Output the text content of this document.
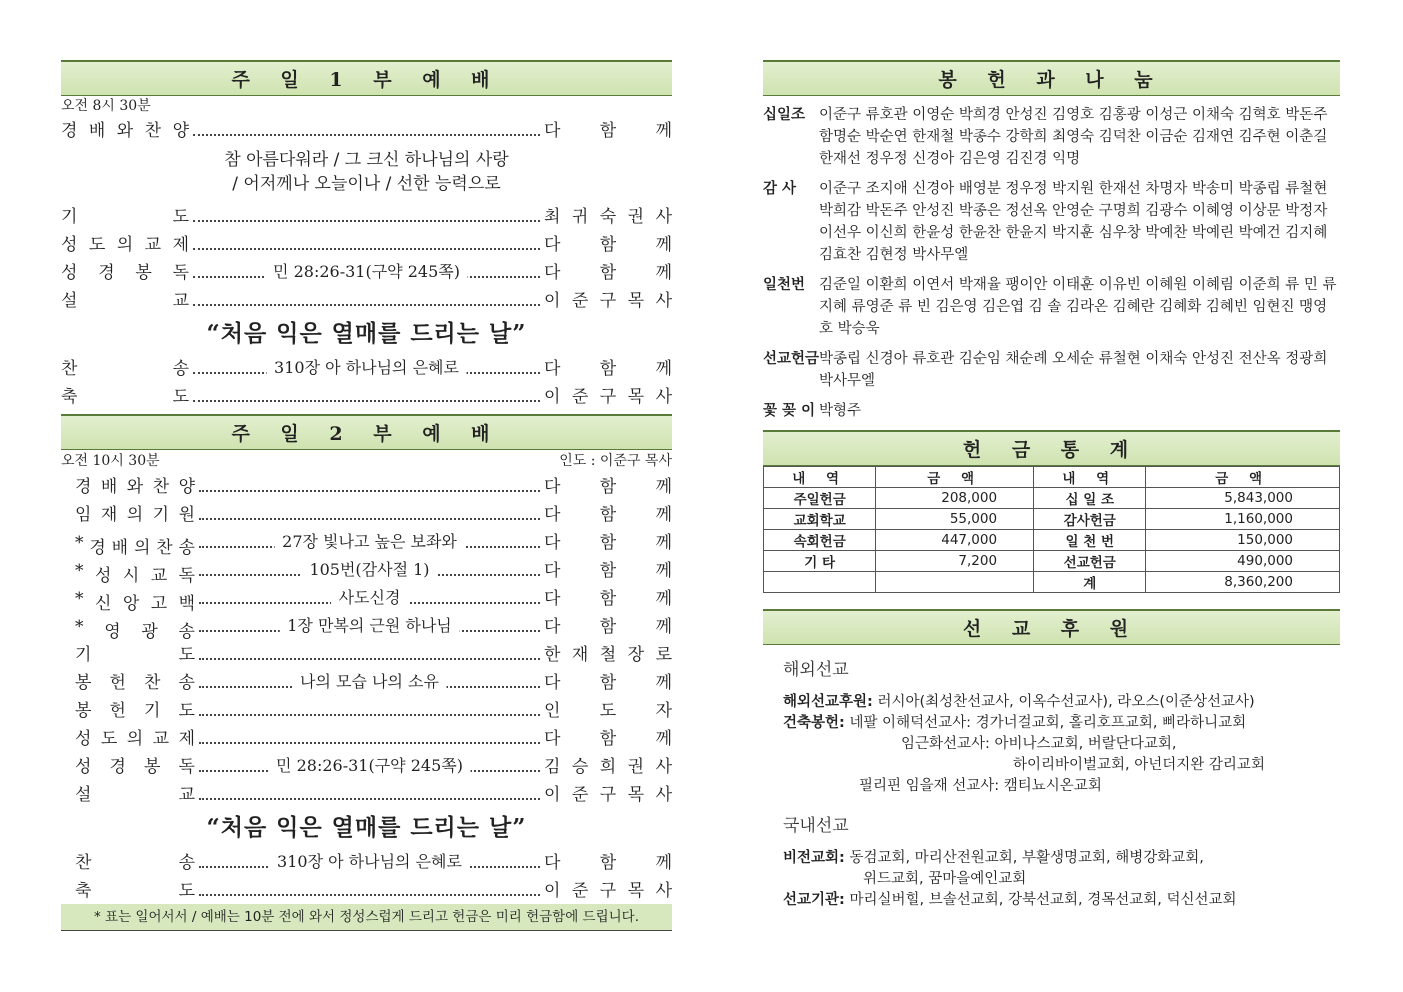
주 일 1 부 예 배
오전 8시 30분
경 배 와 찬 양	다 함 께
참 아름다워라 / 그 크신 하나님의 사랑
/ 어저께나 오늘이나 / 선한 능력으로
기	도	최 귀 숙 권 사
성 도 의 교 제	다 함 께
성 경 봉 독	민 28:26-31(구약 245쪽)	다 함 께
설	교	이 준 구 목 사
“처음 익은 열매를 드리는 날”
찬	송	310장 아 하나님의 은혜로	다 함 께
축	도	이 준 구 목 사
주 일 2 부 예 배
오전 10시 30분	인도 : 이준구 목사
경 배 와 찬 양	다 함 께
임 재 의 기 원	다 함 께
* 경 배 의 찬 송	27장 빛나고 높은 보좌와	다 함 께
* 성 시 교 독	105번(감사절 1)	다 함 께
* 신 앙 고 백	사도신경	다 함 께
* 영 광 송	1장 만복의 근원 하나님	다 함 께
기	도	한 재 철 장 로
봉 헌 찬 송	나의 모습 나의 소유	다 함 께
봉 헌 기 도	인 도 자
성 도 의 교 제	다 함 께
성 경 봉 독	민 28:26-31(구약 245쪽)	김 승 희 권 사
설	교	이 준 구 목 사
“처음 익은 열매를 드리는 날”
찬	송	310장 아 하나님의 은혜로	다 함 께
축	도	이 준 구 목 사
* 표는 일어서서 / 예배는 10분 전에 와서 정성스럽게 드리고 헌금은 미리 헌금함에 드립니다.
봉 헌 과 나 눔
십일조 이준구 류호관 이영순 박희경 안성진 김영호 김홍광 이성근 이채숙 김혁호 박돈주 함명순 박순연 한재철 박종수 강학희 최영숙 김덕찬 이금순 김재연 김주현 이춘길 한재선 정우정 신경아 김은영 김진경 익명
감 사	이준구 조지애 신경아 배영분 정우정 박지원 한재선 차명자 박송미 박종립 류철현 박희감 박돈주 안성진 박종은 정선옥 안영순 구명희 김광수 이혜영 이상문 박정자 이선우 이신희 한윤성 한윤찬 한윤지 박지훈 심우창 박예찬 박예린 박예건 김지혜 김효찬 김현정 박사무엘
일천번 김준일 이환희 이연서 박재율 팽이안 이태훈 이유빈 이혜원 이혜림 이준희 류 민 류지혜 류영준 류 빈 김은영 김은엽 김 솔 김라온 김혜란 김혜화 김혜빈 임현진 맹영호 박승욱
선교헌금 박종립 신경아 류호관 김순임 채순례 오세순 류철현 이채숙 안성진 전산옥 정광희 박사무엘
꽃 꽂 이 박형주
헌 금 통 계
내 역	금 액	내 역	금 액
주일헌금	208,000	십 일 조	5,843,000
교회학교	55,000	감사헌금	1,160,000
속회헌금	447,000	일 천 번	150,000
기 타	7,200	선교헌금	490,000
		계	8,360,200
선 교 후 원
해외선교
해외선교후원: 러시아(최성찬선교사, 이옥수선교사), 라오스(이준상선교사)
건축봉헌: 네팔 이해덕선교사: 경가너걸교회, 홀리호프교회, 삐라하니교회
임근화선교사: 아비나스교회, 버랄단다교회,
하이리바이벌교회, 아넌더지완 감리교회
필리핀 임을재 선교사: 캠티뇨시온교회
국내선교
비전교회: 동검교회, 마리산전원교회, 부활생명교회, 해병강화교회,
위드교회, 꿈마을예인교회
선교기관: 마리실버힐, 브솔선교회, 강북선교회, 경목선교회, 덕신선교회
